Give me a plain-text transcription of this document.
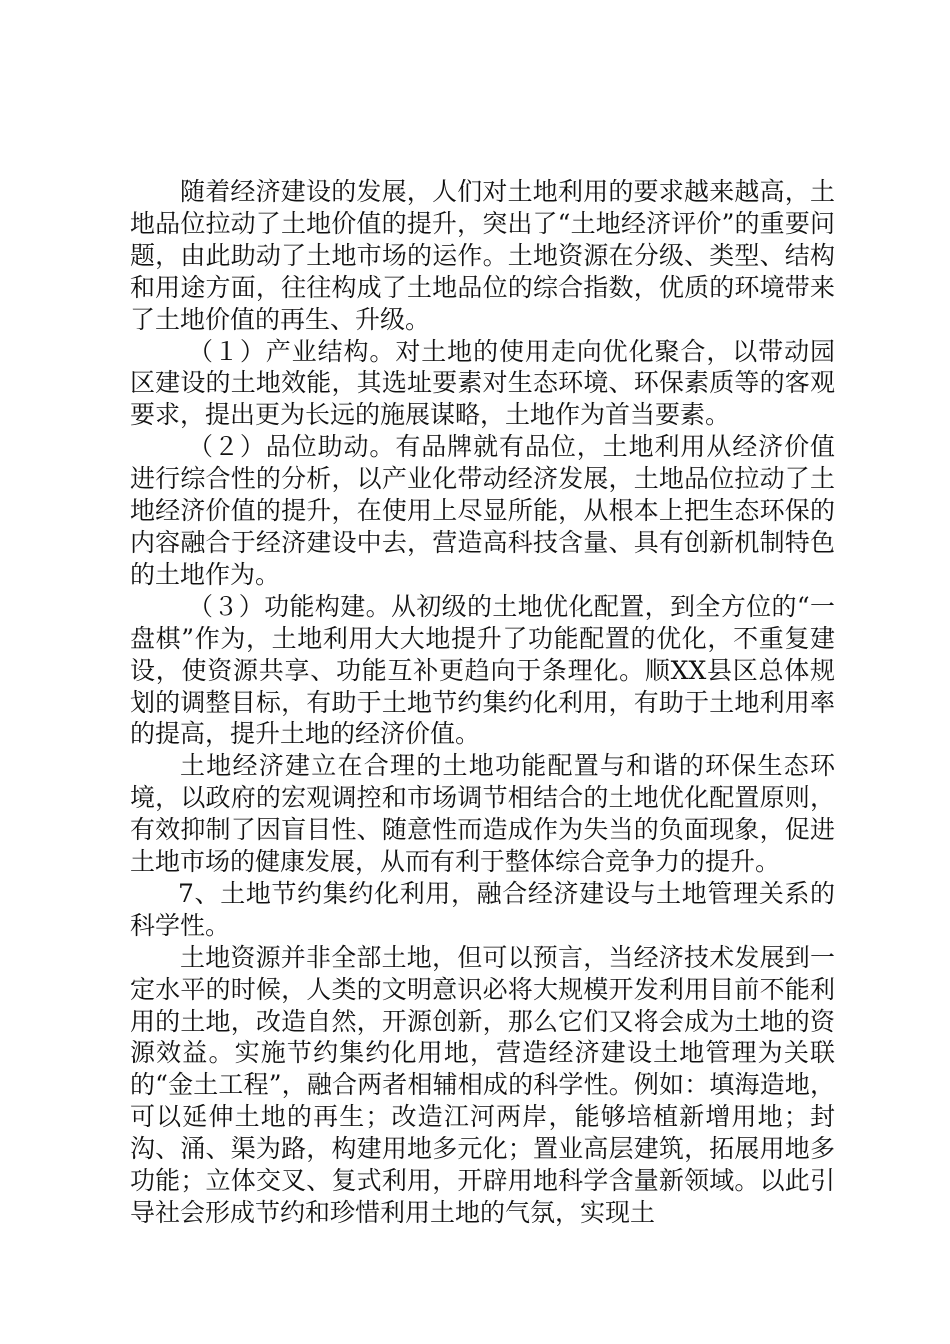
随着经济建设的发展，人们对土地利用的要求越来越高，土地品位拉动了土地价值的提升，突出了“土地经济评价”的重要问题，由此助动了土地市场的运作。土地资源在分级、类型、结构和用途方面，往往构成了土地品位的综合指数，优质的环境带来了土地价值的再生、升级。

（１）产业结构。对土地的使用走向优化聚合，以带动园区建设的土地效能，其选址要素对生态环境、环保素质等的客观要求，提出更为长远的施展谋略，土地作为首当要素。

（２）品位助动。有品牌就有品位，土地利用从经济价值进行综合性的分析，以产业化带动经济发展，土地品位拉动了土地经济价值的提升，在使用上尽显所能，从根本上把生态环保的内容融合于经济建设中去，营造高科技含量、具有创新机制特色的土地作为。

（３）功能构建。从初级的土地优化配置，到全方位的“一盘棋”作为，土地利用大大地提升了功能配置的优化，不重复建设，使资源共享、功能互补更趋向于条理化。顺XX县区总体规划的调整目标，有助于土地节约集约化利用，有助于土地利用率的提高，提升土地的经济价值。

土地经济建立在合理的土地功能配置与和谐的环保生态环境，以政府的宏观调控和市场调节相结合的土地优化配置原则，有效抑制了因盲目性、随意性而造成作为失当的负面现象，促进土地市场的健康发展，从而有利于整体综合竞争力的提升。

7、土地节约集约化利用，融合经济建设与土地管理关系的科学性。

土地资源并非全部土地，但可以预言，当经济技术发展到一定水平的时候，人类的文明意识必将大规模开发利用目前不能利用的土地，改造自然，开源创新，那么它们又将会成为土地的资源效益。实施节约集约化用地，营造经济建设土地管理为关联的“金土工程”，融合两者相辅相成的科学性。例如：填海造地，可以延伸土地的再生；改造江河两岸，能够培植新增用地；封沟、涌、渠为路，构建用地多元化；置业高层建筑，拓展用地多功能；立体交叉、复式利用，开辟用地科学含量新领域。以此引导社会形成节约和珍惜利用土地的气氛，实现土
